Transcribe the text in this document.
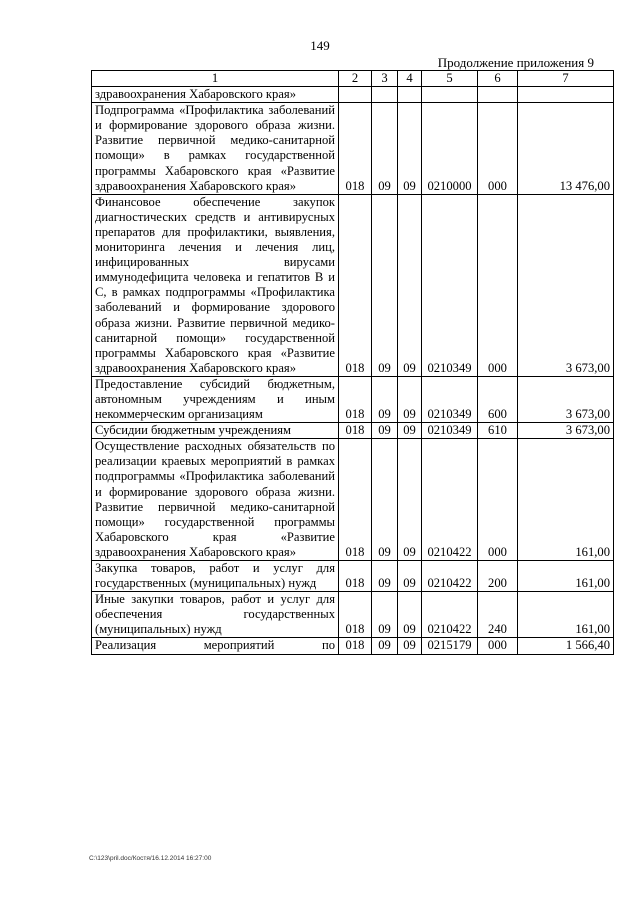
149
Продолжение приложения 9
1	2	3	4	5	6	7
здравоохранения Хабаровского края»						
Подпрограмма «Профилактика заболеваний и формирование здорового образа жизни. Развитие первичной медико-санитарной помощи» в рамках государственной программы Хабаровского края «Развитие здравоохранения Хабаровского края»	018	09	09	0210000	000	13 476,00
Финансовое обеспечение закупок диагностических средств и антивирусных препаратов для профилактики, выявления, мониторинга лечения и лечения лиц, инфицированных вирусами иммунодефицита человека и гепатитов В и С, в рамках подпрограммы «Профилактика заболеваний и формирование здорового образа жизни. Развитие первичной медико-санитарной помощи» государственной программы Хабаровского края «Развитие здравоохранения Хабаровского края»	018	09	09	0210349	000	3 673,00
Предоставление субсидий бюджетным, автономным учреждениям и иным некоммерческим организациям	018	09	09	0210349	600	3 673,00
Субсидии бюджетным учреждениям	018	09	09	0210349	610	3 673,00
Осуществление расходных обязательств по реализации краевых мероприятий в рамках подпрограммы «Профилактика заболеваний и формирование здорового образа жизни. Развитие первичной медико-санитарной помощи» государственной программы Хабаровского края «Развитие здравоохранения Хабаровского края»	018	09	09	0210422	000	161,00
Закупка товаров, работ и услуг для государственных (муниципальных) нужд	018	09	09	0210422	200	161,00
Иные закупки товаров, работ и услуг для обеспечения государственных (муниципальных) нужд	018	09	09	0210422	240	161,00
Реализация мероприятий по	018	09	09	0215179	000	1 566,40
C:\123\pril.doc/Костя/16.12.2014 16:27:00
